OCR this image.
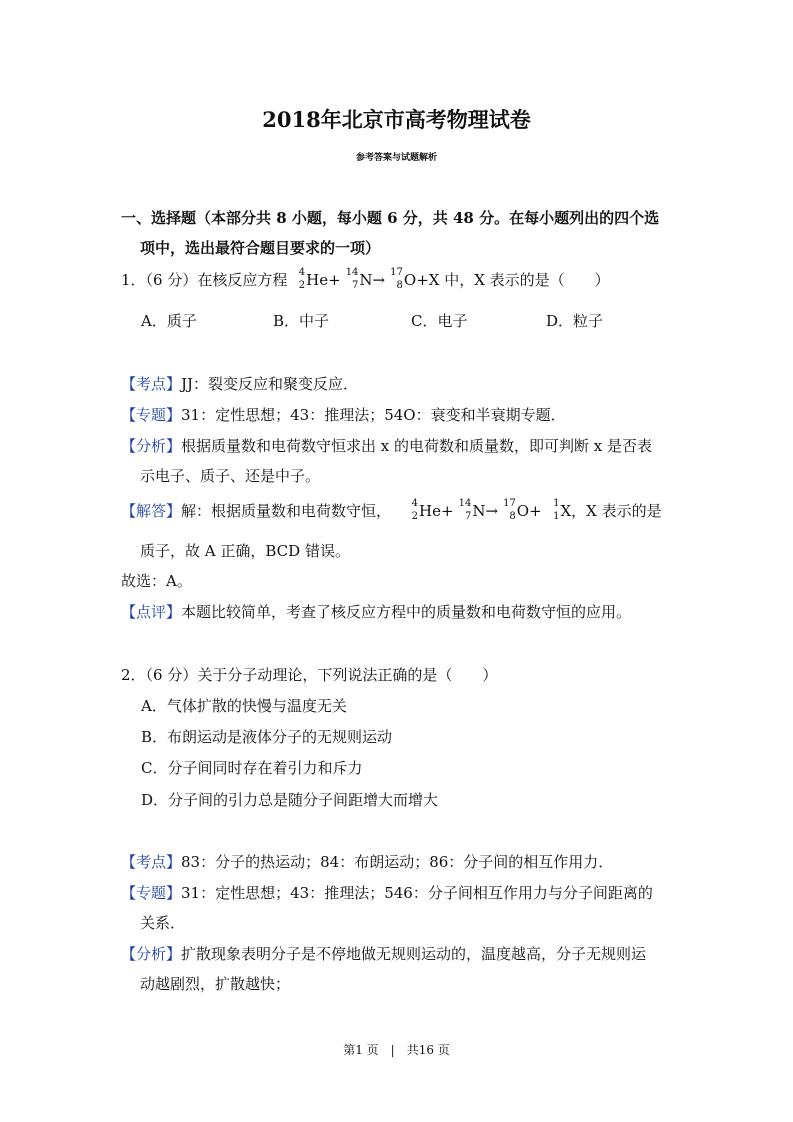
2018年北京市高考物理试卷
参考答案与试题解析
一、选择题（本部分共 8 小题，每小题 6 分，共 48 分。在每小题列出的四个选
项中，选出最符合题目要求的一项）
1．（6 分）在核反应方程 4
2 He+ 14
7 N→ 17
8 O+X 中，X 表示的是（　　）
A．质子	B．中子	C．电子	D．粒子
【考点】JJ：裂变反应和聚变反应．
【专题】31：定性思想；43：推理法；54O：衰变和半衰期专题．
【分析】根据质量数和电荷数守恒求出 x 的电荷数和质量数，即可判断 x 是否表
示电子、质子、还是中子。
【解答】解：根据质量数和电荷数守恒， 4
2 He+ 14
7 N→ 17
8 O+ 1
1 X，X 表示的是
质子，故 A 正确，BCD 错误。
故选：A。
【点评】本题比较简单，考查了核反应方程中的质量数和电荷数守恒的应用。
2．（6 分）关于分子动理论，下列说法正确的是（　　）
A．气体扩散的快慢与温度无关
B．布朗运动是液体分子的无规则运动
C．分子间同时存在着引力和斥力
D．分子间的引力总是随分子间距增大而增大
【考点】83：分子的热运动；84：布朗运动；86：分子间的相互作用力．
【专题】31：定性思想；43：推理法；546：分子间相互作用力与分子间距离的
关系．
【分析】扩散现象表明分子是不停地做无规则运动的，温度越高，分子无规则运
动越剧烈，扩散越快；
第1 页　|　共16 页
